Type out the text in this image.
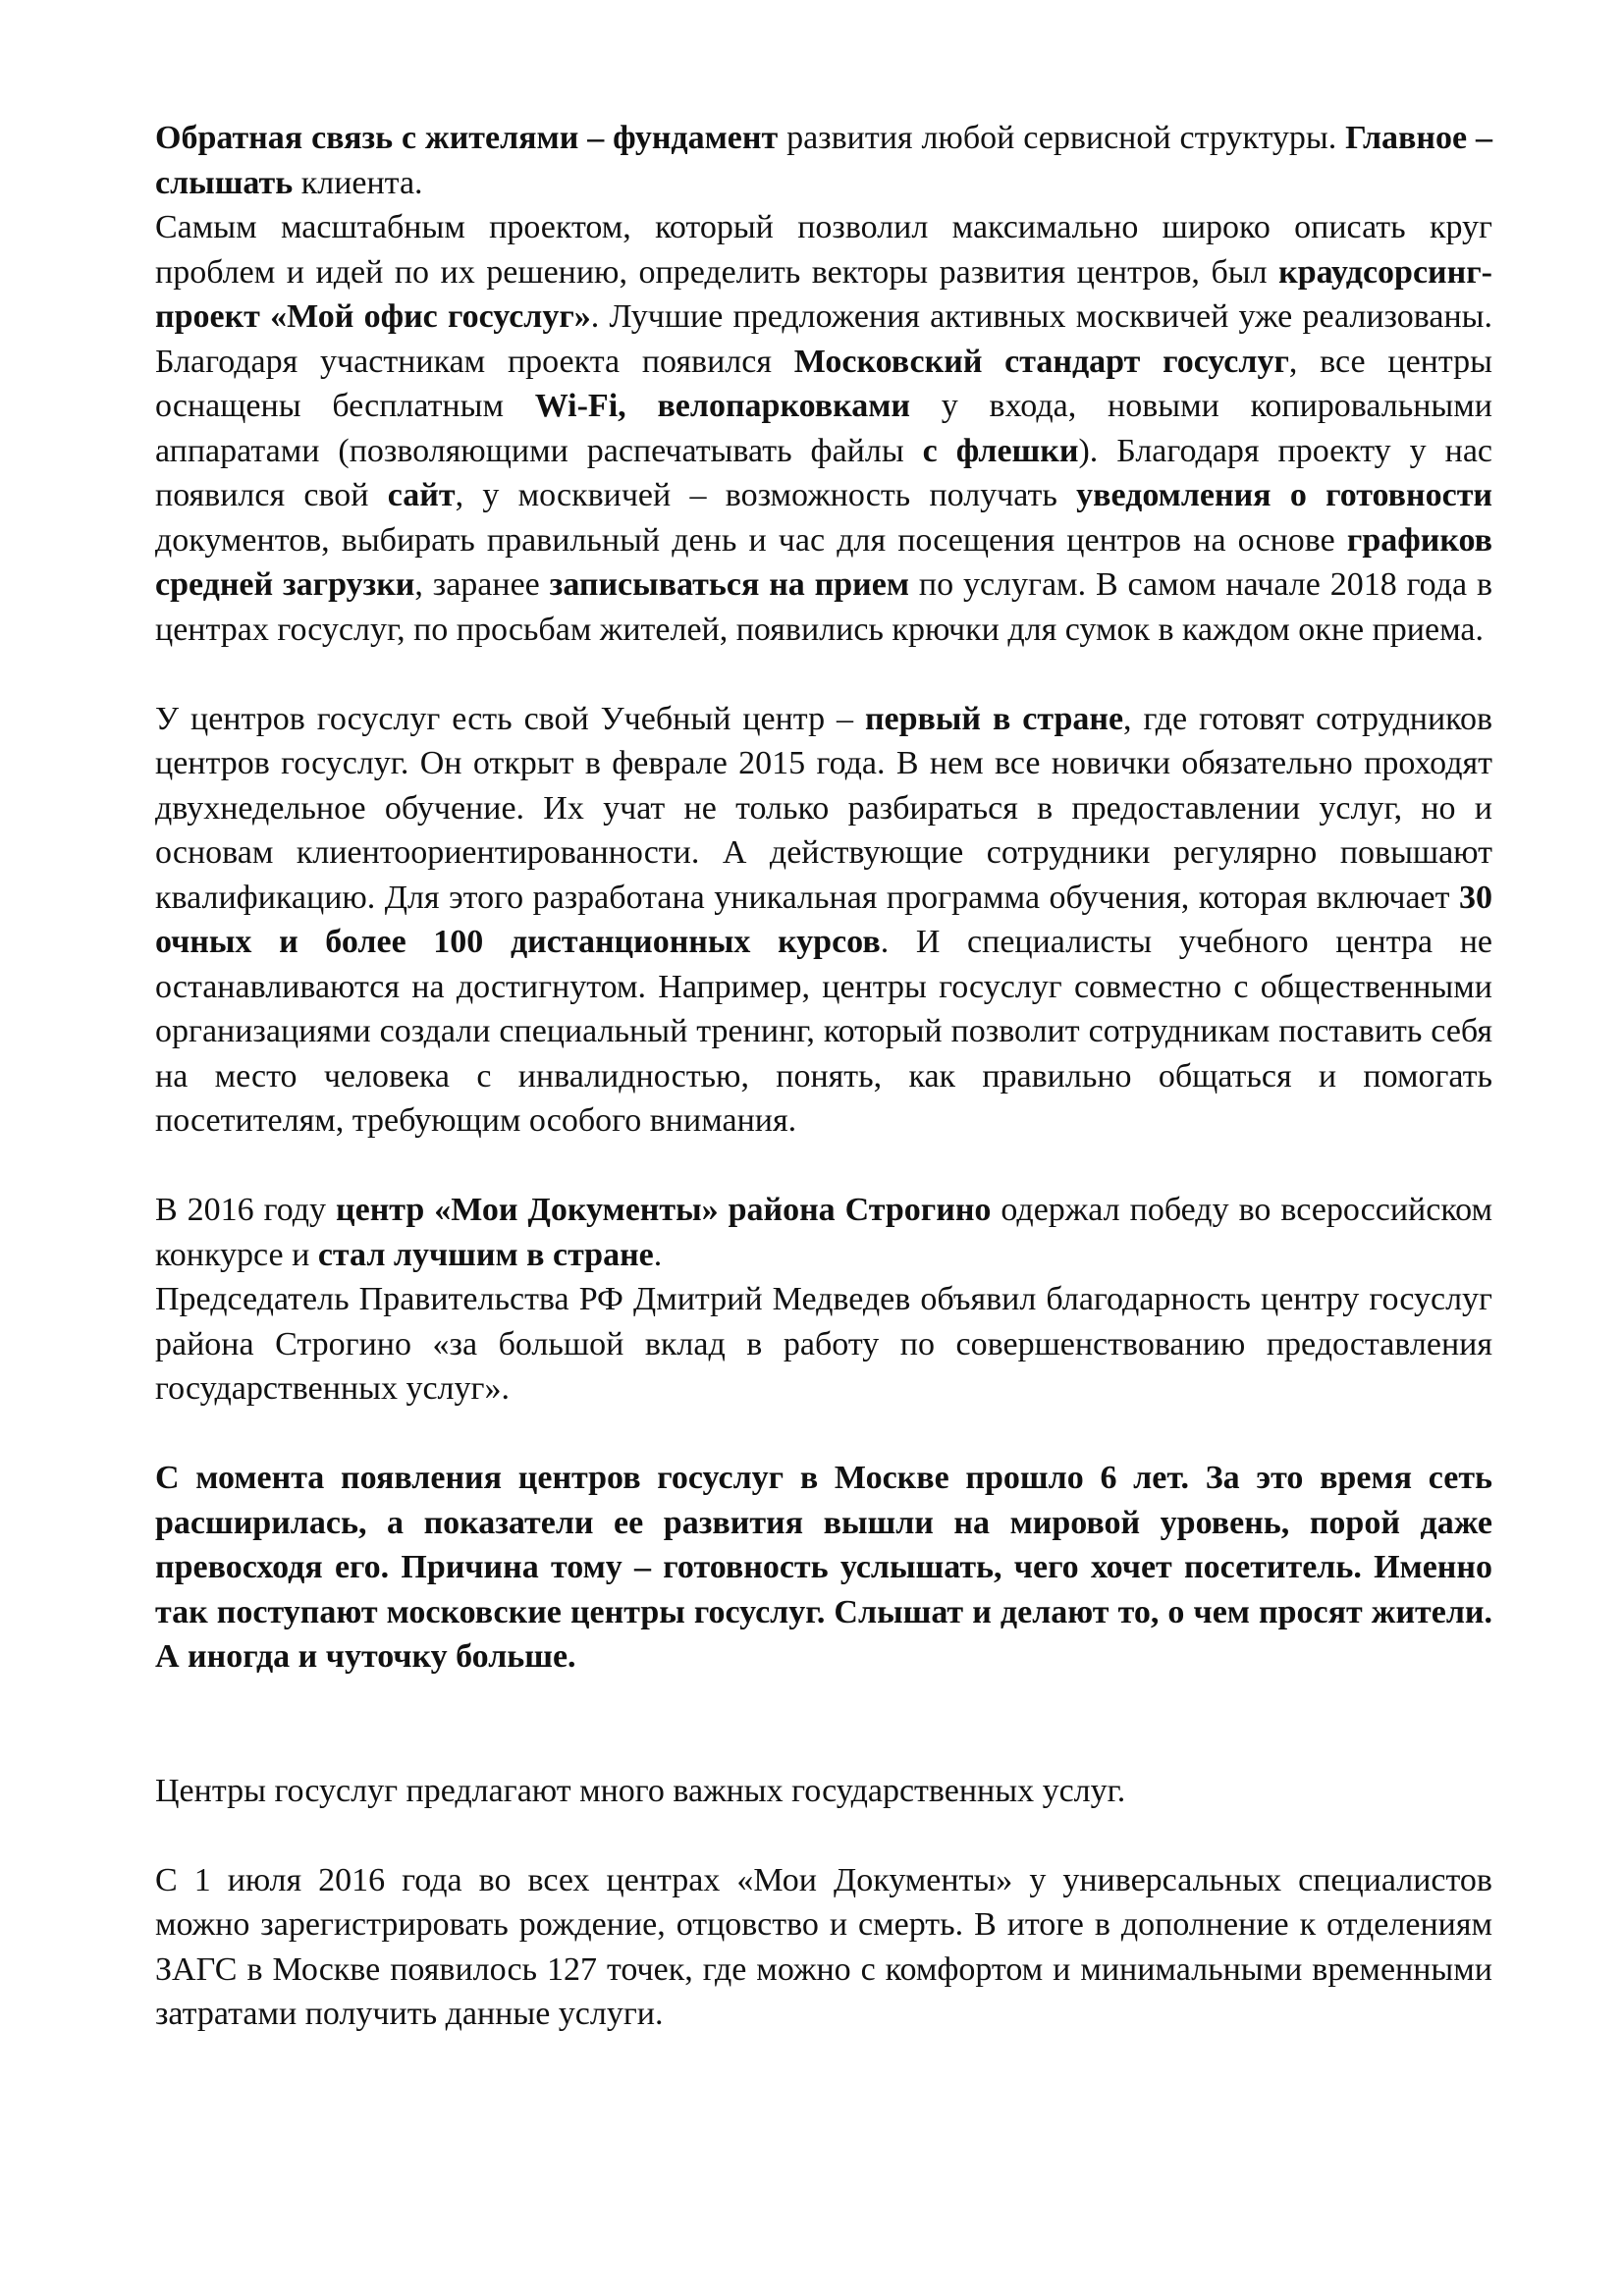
Обратная связь с жителями – фундамент развития любой сервисной структуры. Главное – слышать клиента.

Самым масштабным проектом, который позволил максимально широко описать круг проблем и идей по их решению, определить векторы развития центров, был краудсорсинг-проект «Мой офис госуслуг». Лучшие предложения активных москвичей уже реализованы. Благодаря участникам проекта появился Московский стандарт госуслуг, все центры оснащены бесплатным Wi-Fi, велопарковками у входа, новыми копировальными аппаратами (позволяющими распечатывать файлы с флешки). Благодаря проекту у нас появился свой сайт, у москвичей – возможность получать уведомления о готовности документов, выбирать правильный день и час для посещения центров на основе графиков средней загрузки, заранее записываться на прием по услугам. В самом начале 2018 года в центрах госуслуг, по просьбам жителей, появились крючки для сумок в каждом окне приема.

У центров госуслуг есть свой Учебный центр – первый в стране, где готовят сотрудников центров госуслуг. Он открыт в феврале 2015 года. В нем все новички обязательно проходят двухнедельное обучение. Их учат не только разбираться в предоставлении услуг, но и основам клиентоориентированности. А действующие сотрудники регулярно повышают квалификацию. Для этого разработана уникальная программа обучения, которая включает 30 очных и более 100 дистанционных курсов. И специалисты учебного центра не останавливаются на достигнутом. Например, центры госуслуг совместно с общественными организациями создали специальный тренинг, который позволит сотрудникам поставить себя на место человека с инвалидностью, понять, как правильно общаться и помогать посетителям, требующим особого внимания.

В 2016 году центр «Мои Документы» района Строгино одержал победу во всероссийском конкурсе и стал лучшим в стране.

Председатель Правительства РФ Дмитрий Медведев объявил благодарность центру госуслуг района Строгино «за большой вклад в работу по совершенствованию предоставления государственных услуг».

С момента появления центров госуслуг в Москве прошло 6 лет. За это время сеть расширилась, а показатели ее развития вышли на мировой уровень, порой даже превосходя его. Причина тому – готовность услышать, чего хочет посетитель. Именно так поступают московские центры госуслуг. Слышат и делают то, о чем просят жители. А иногда и чуточку больше.

Центры госуслуг предлагают много важных государственных услуг.

С 1 июля 2016 года во всех центрах «Мои Документы» у универсальных специалистов можно зарегистрировать рождение, отцовство и смерть. В итоге в дополнение к отделениям ЗАГС в Москве появилось 127 точек, где можно с комфортом и минимальными временными затратами получить данные услуги.
